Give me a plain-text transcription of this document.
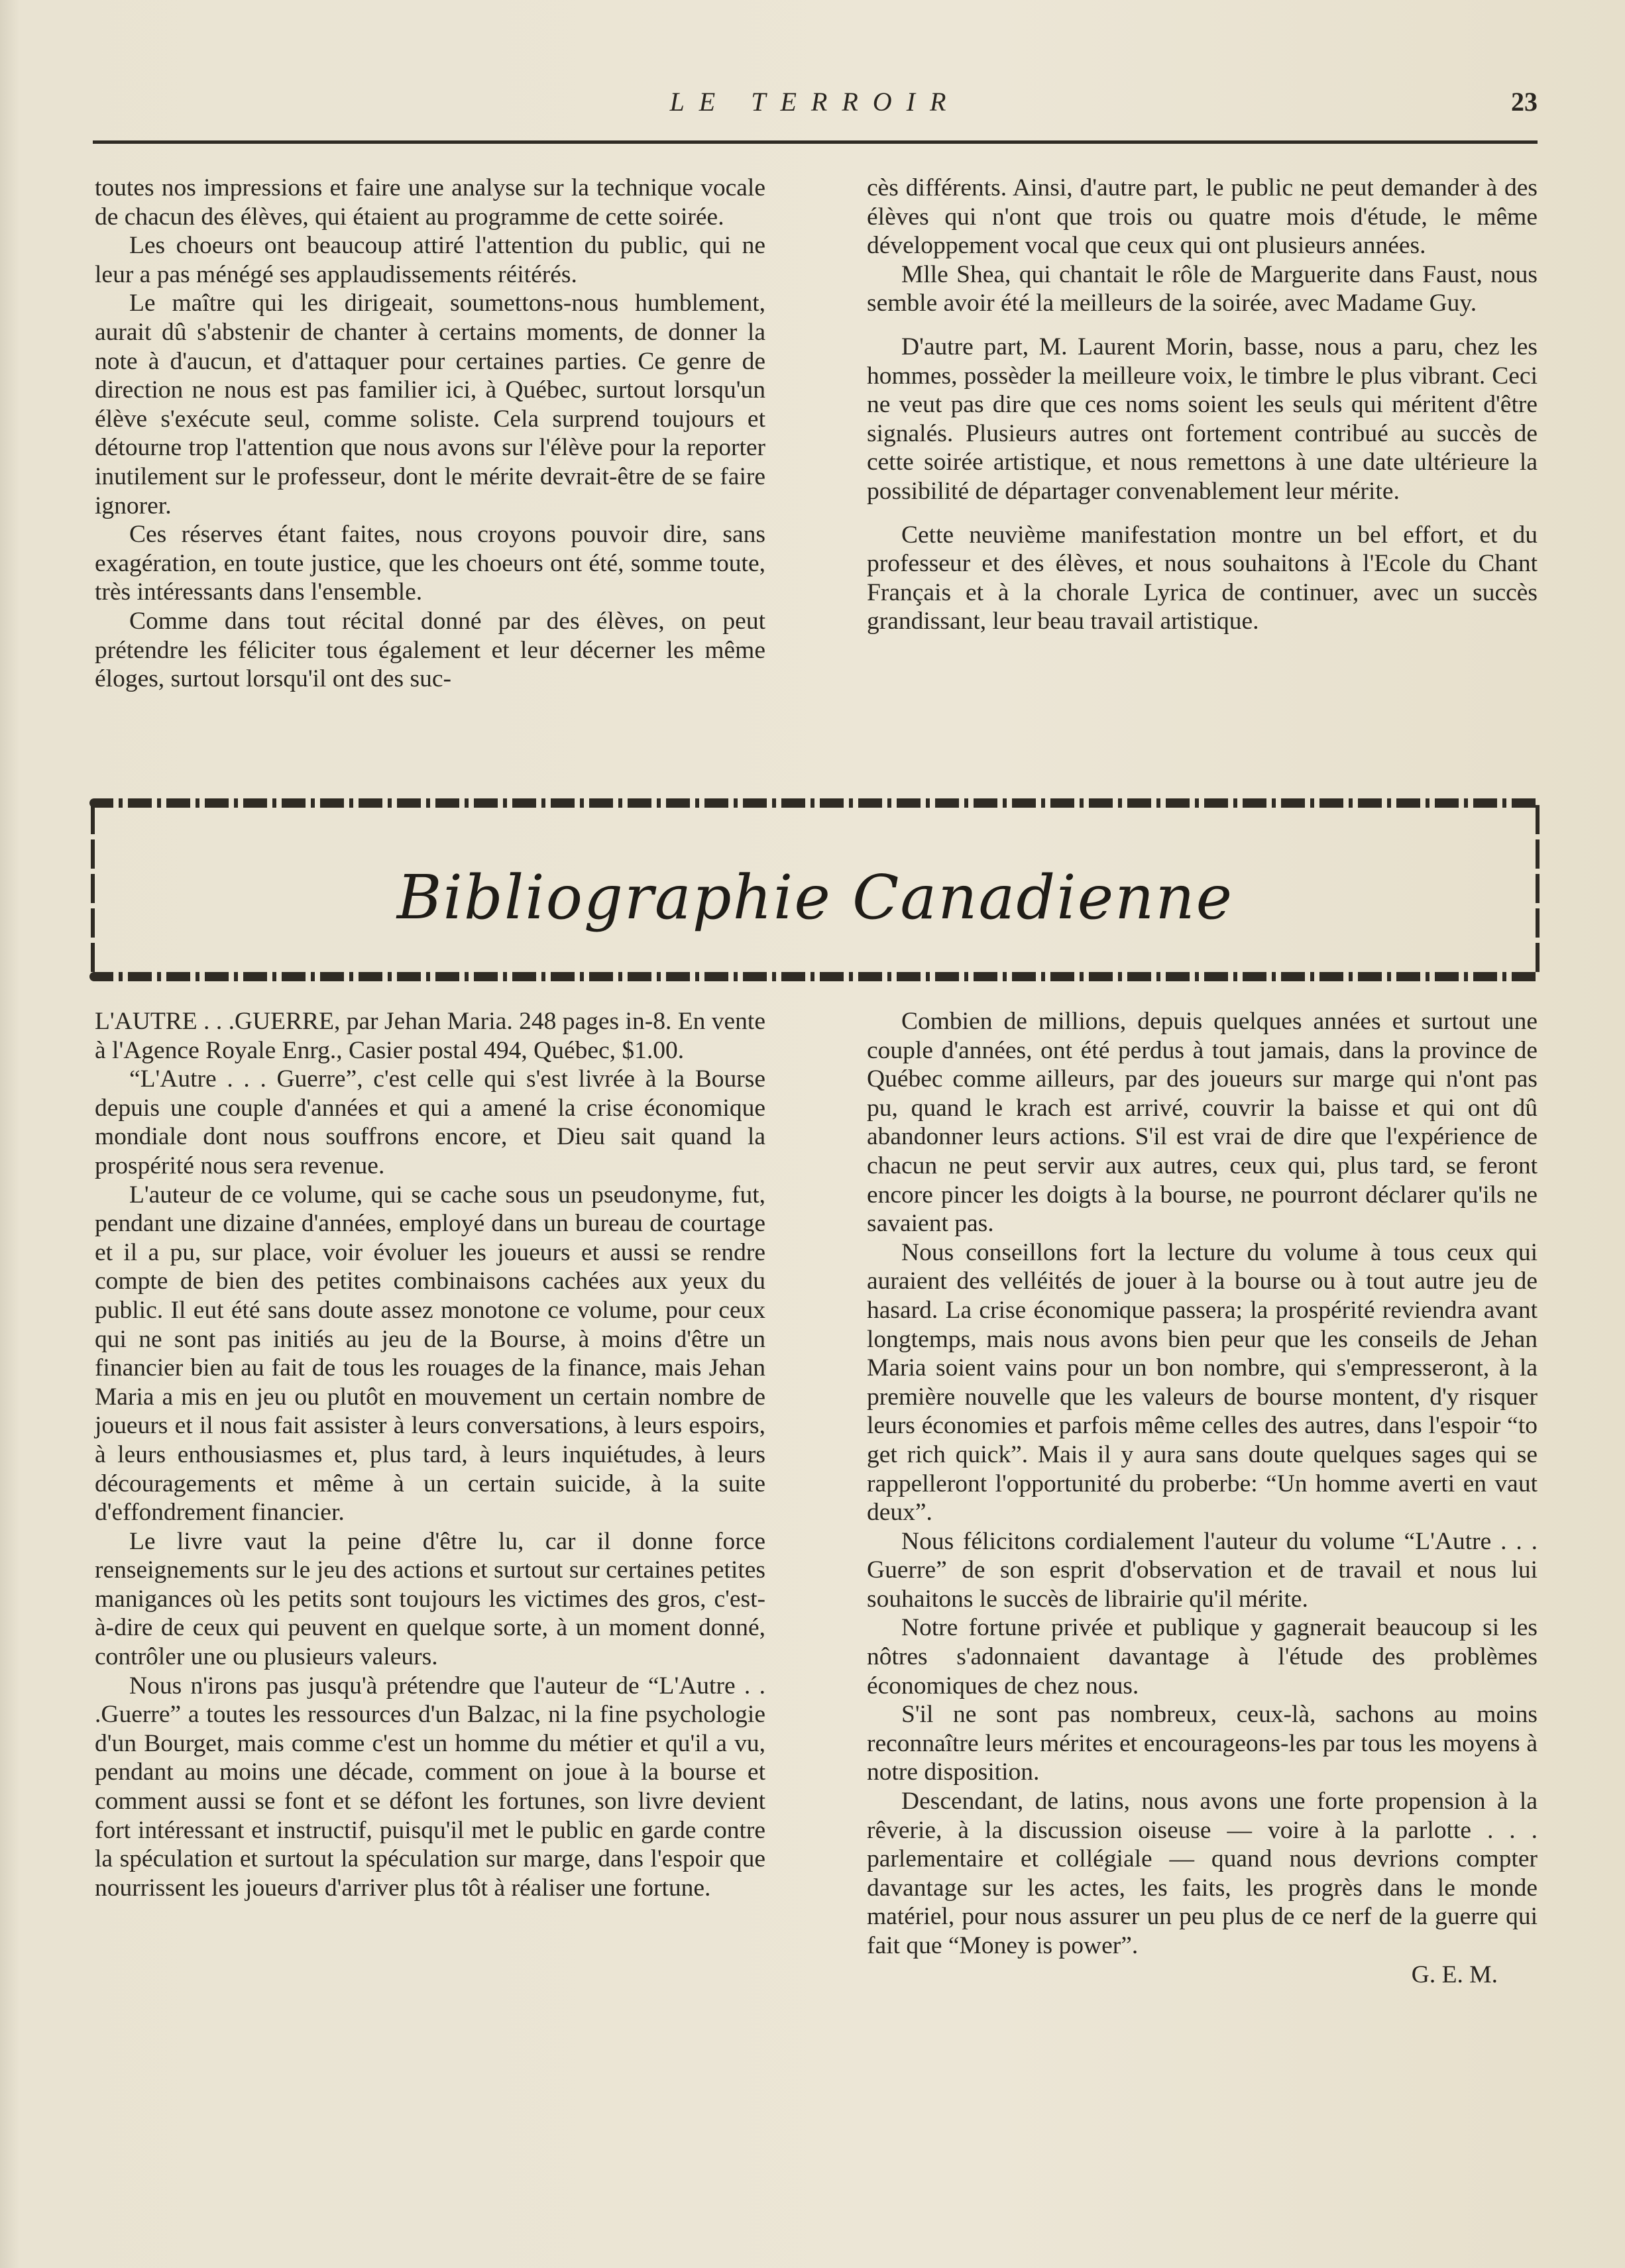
LE TERROIR	23

toutes nos impressions et faire une analyse sur la technique vocale de chacun des élèves, qui étaient au programme de cette soirée.

Les choeurs ont beaucoup attiré l'attention du public, qui ne leur a pas ménégé ses applaudissements réitérés.

Le maître qui les dirigeait, soumettons-nous humblement, aurait dû s'abstenir de chanter à certains moments, de donner la note à d'aucun, et d'attaquer pour certaines parties. Ce genre de direction ne nous est pas familier ici, à Québec, surtout lorsqu'un élève s'exécute seul, comme soliste. Cela surprend toujours et détourne trop l'attention que nous avons sur l'élève pour la reporter inutilement sur le professeur, dont le mérite devrait-être de se faire ignorer.

Ces réserves étant faites, nous croyons pouvoir dire, sans exagération, en toute justice, que les choeurs ont été, somme toute, très intéressants dans l'ensemble.

Comme dans tout récital donné par des élèves, on peut prétendre les féliciter tous également et leur décerner les même éloges, surtout lorsqu'il ont des suc-

cès différents. Ainsi, d'autre part, le public ne peut demander à des élèves qui n'ont que trois ou quatre mois d'étude, le même développement vocal que ceux qui ont plusieurs années.

Mlle Shea, qui chantait le rôle de Marguerite dans Faust, nous semble avoir été la meilleurs de la soirée, avec Madame Guy.

D'autre part, M. Laurent Morin, basse, nous a paru, chez les hommes, possèder la meilleure voix, le timbre le plus vibrant. Ceci ne veut pas dire que ces noms soient les seuls qui méritent d'être signalés. Plusieurs autres ont fortement contribué au succès de cette soirée artistique, et nous remettons à une date ultérieure la possibilité de départager convenablement leur mérite.

Cette neuvième manifestation montre un bel effort, et du professeur et des élèves, et nous souhaitons à l'Ecole du Chant Français et à la chorale Lyrica de continuer, avec un succès grandissant, leur beau travail artistique.

Bibliographie Canadienne

L'AUTRE . . .GUERRE, par Jehan Maria. 248 pages in-8. En vente à l'Agence Royale Enrg., Casier postal 494, Québec, $1.00.

“L'Autre . . . Guerre”, c'est celle qui s'est livrée à la Bourse depuis une couple d'années et qui a amené la crise économique mondiale dont nous souffrons encore, et Dieu sait quand la prospérité nous sera revenue.

L'auteur de ce volume, qui se cache sous un pseudonyme, fut, pendant une dizaine d'années, employé dans un bureau de courtage et il a pu, sur place, voir évoluer les joueurs et aussi se rendre compte de bien des petites combinaisons cachées aux yeux du public. Il eut été sans doute assez monotone ce volume, pour ceux qui ne sont pas initiés au jeu de la Bourse, à moins d'être un financier bien au fait de tous les rouages de la finance, mais Jehan Maria a mis en jeu ou plutôt en mouvement un certain nombre de joueurs et il nous fait assister à leurs conversations, à leurs espoirs, à leurs enthousiasmes et, plus tard, à leurs inquiétudes, à leurs découragements et même à un certain suicide, à la suite d'effondrement financier.

Le livre vaut la peine d'être lu, car il donne force renseignements sur le jeu des actions et surtout sur certaines petites manigances où les petits sont toujours les victimes des gros, c'est-à-dire de ceux qui peuvent en quelque sorte, à un moment donné, contrôler une ou plusieurs valeurs.

Nous n'irons pas jusqu'à prétendre que l'auteur de “L'Autre . . .Guerre” a toutes les ressources d'un Balzac, ni la fine psychologie d'un Bourget, mais comme c'est un homme du métier et qu'il a vu, pendant au moins une décade, comment on joue à la bourse et comment aussi se font et se défont les fortunes, son livre devient fort intéressant et instructif, puisqu'il met le public en garde contre la spéculation et surtout la spéculation sur marge, dans l'espoir que nourrissent les joueurs d'arriver plus tôt à réaliser une fortune.

Combien de millions, depuis quelques années et surtout une couple d'années, ont été perdus à tout jamais, dans la province de Québec comme ailleurs, par des joueurs sur marge qui n'ont pas pu, quand le krach est arrivé, couvrir la baisse et qui ont dû abandonner leurs actions. S'il est vrai de dire que l'expérience de chacun ne peut servir aux autres, ceux qui, plus tard, se feront encore pincer les doigts à la bourse, ne pourront déclarer qu'ils ne savaient pas.

Nous conseillons fort la lecture du volume à tous ceux qui auraient des velléités de jouer à la bourse ou à tout autre jeu de hasard. La crise économique passera; la prospérité reviendra avant longtemps, mais nous avons bien peur que les conseils de Jehan Maria soient vains pour un bon nombre, qui s'empresseront, à la première nouvelle que les valeurs de bourse montent, d'y risquer leurs économies et parfois même celles des autres, dans l'espoir “to get rich quick”. Mais il y aura sans doute quelques sages qui se rappelleront l'opportunité du proberbe: “Un homme averti en vaut deux”.

Nous félicitons cordialement l'auteur du volume “L'Autre . . . Guerre” de son esprit d'observation et de travail et nous lui souhaitons le succès de librairie qu'il mérite.

Notre fortune privée et publique y gagnerait beaucoup si les nôtres s'adonnaient davantage à l'étude des problèmes économiques de chez nous.

S'il ne sont pas nombreux, ceux-là, sachons au moins reconnaître leurs mérites et encourageons-les par tous les moyens à notre disposition.

Descendant, de latins, nous avons une forte propension à la rêverie, à la discussion oiseuse — voire à la parlotte . . . parlementaire et collégiale — quand nous devrions compter davantage sur les actes, les faits, les progrès dans le monde matériel, pour nous assurer un peu plus de ce nerf de la guerre qui fait que “Money is power”.

G. E. M.
